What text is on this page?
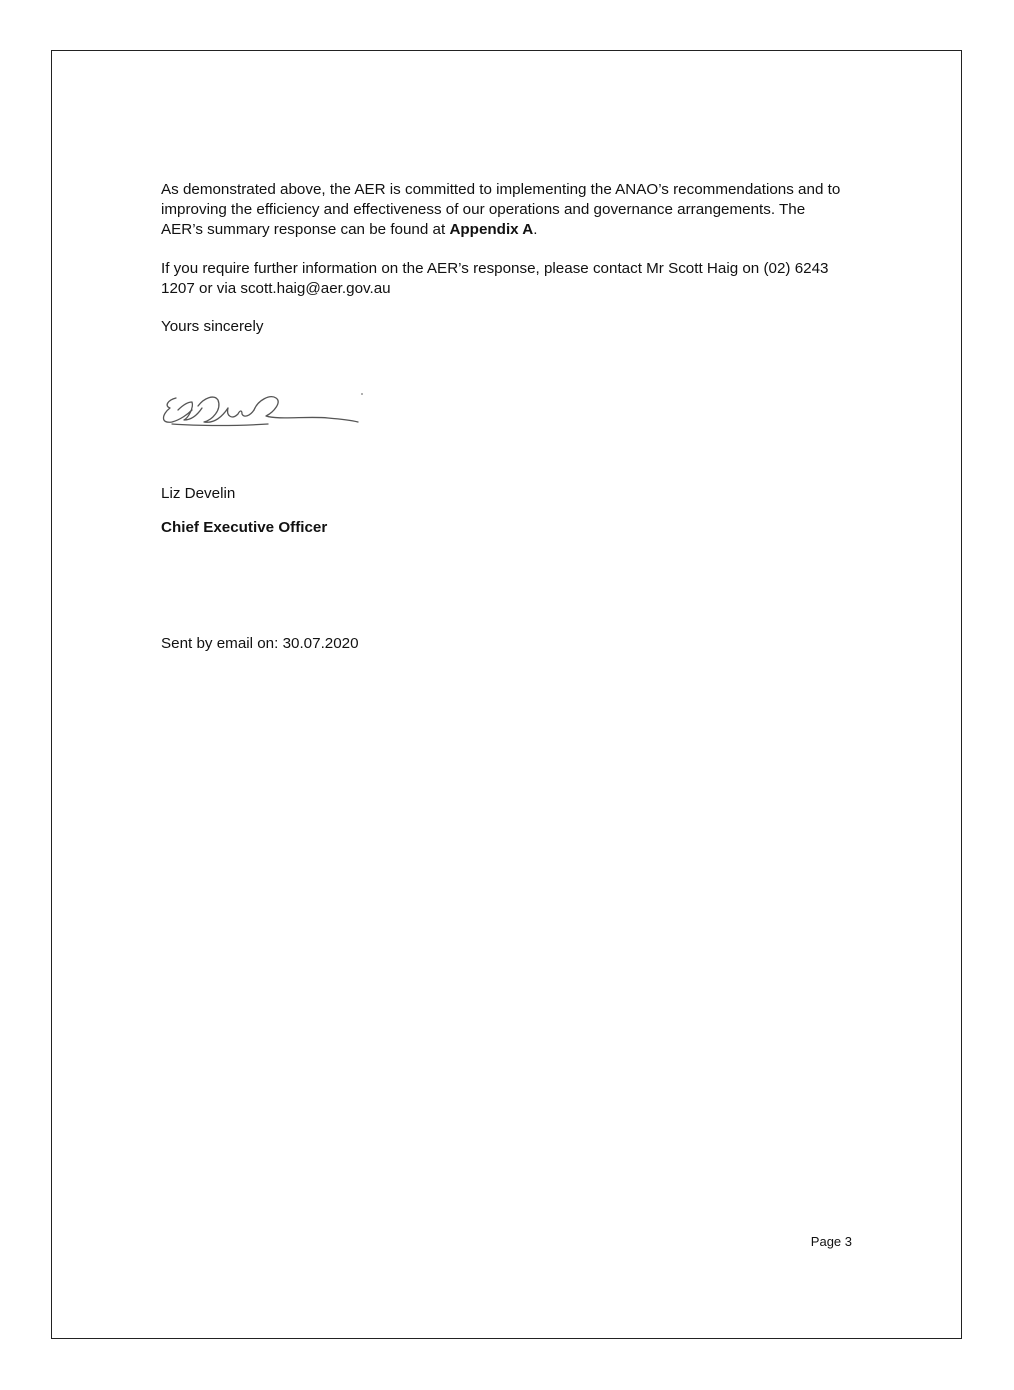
As demonstrated above, the AER is committed to implementing the ANAO’s recommendations and to improving the efficiency and effectiveness of our operations and governance arrangements. The AER’s summary response can be found at Appendix A.

If you require further information on the AER’s response, please contact Mr Scott Haig on (02) 6243 1207 or via scott.haig@aer.gov.au

Yours sincerely

Liz Develin

Chief Executive Officer

Sent by email on: 30.07.2020

Page 3
